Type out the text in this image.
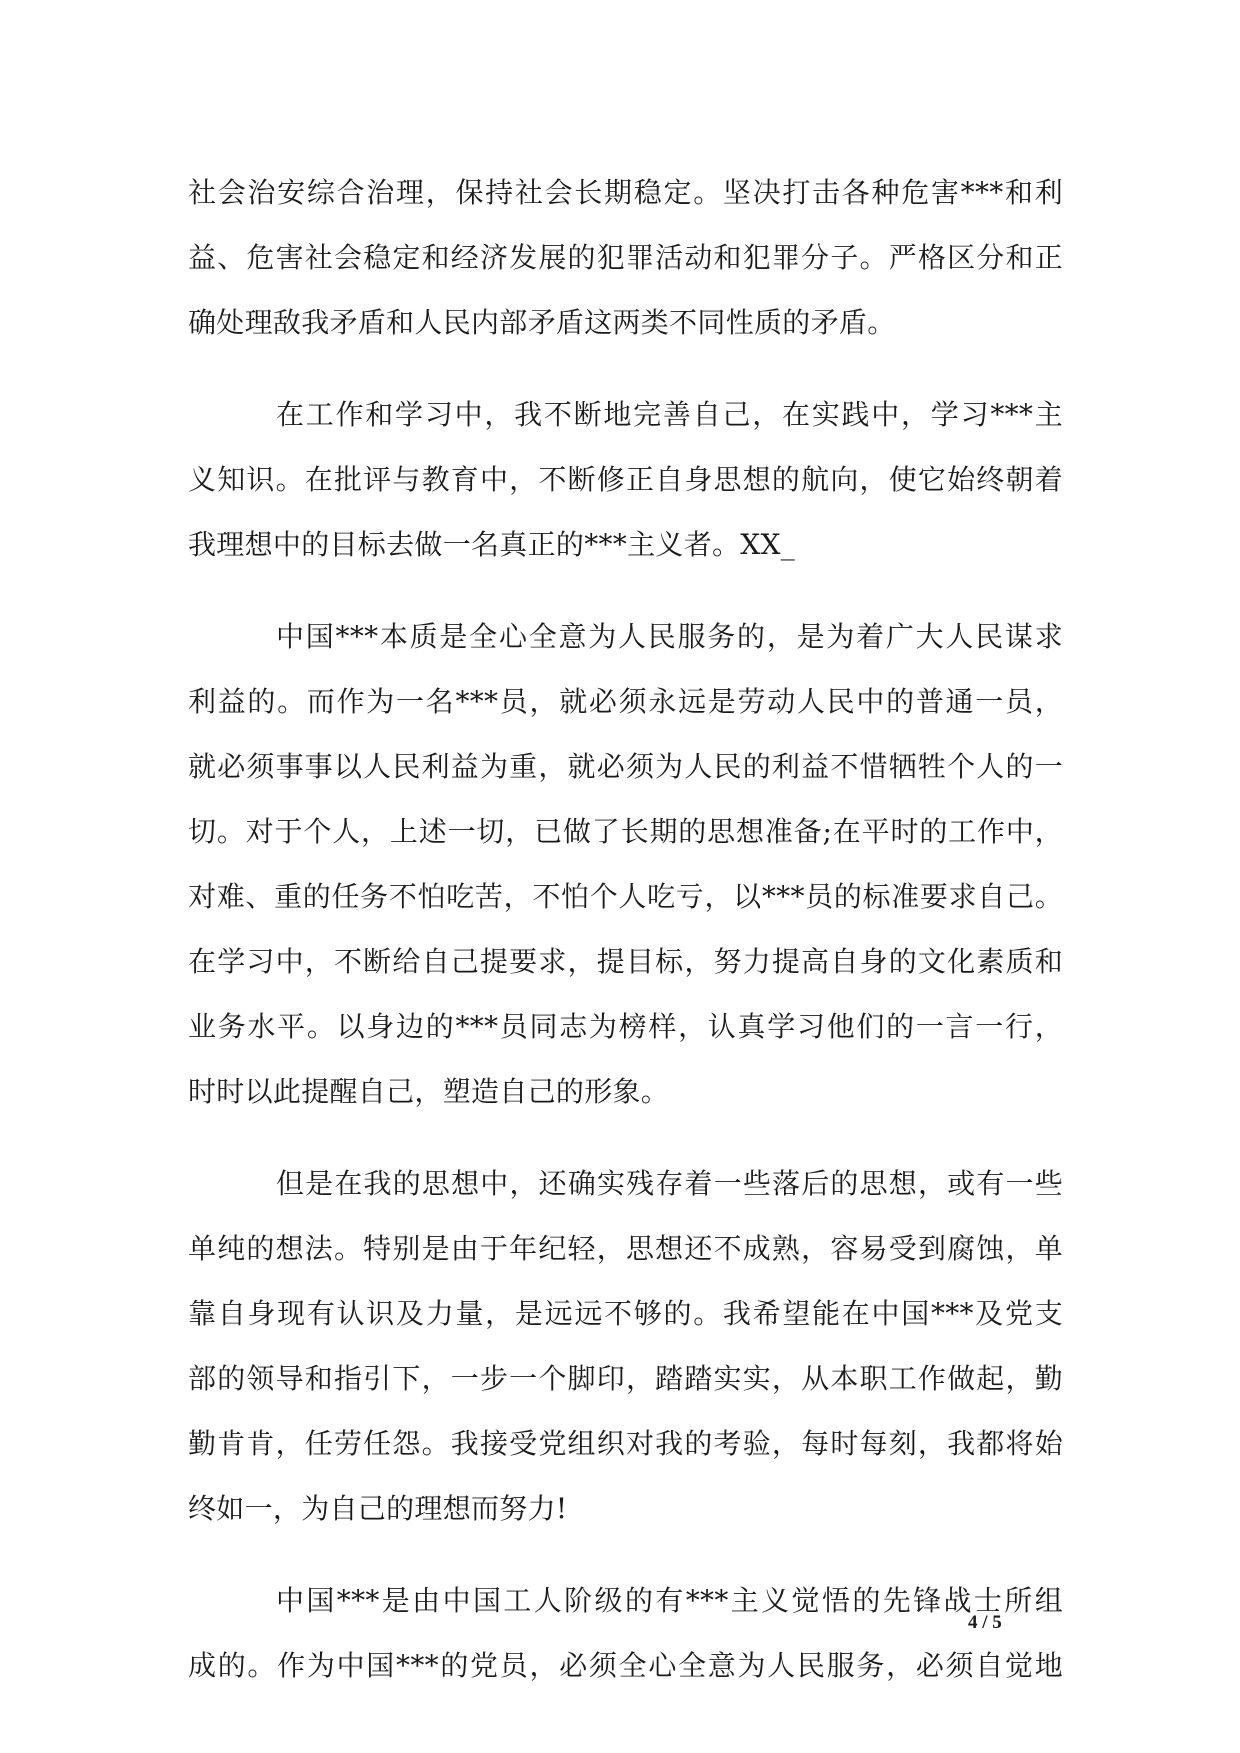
社会治安综合治理，保持社会长期稳定。坚决打击各种危害***和利
益、危害社会稳定和经济发展的犯罪活动和犯罪分子。严格区分和正
确处理敌我矛盾和人民内部矛盾这两类不同性质的矛盾。
在工作和学习中，我不断地完善自己，在实践中，学习***主
义知识。在批评与教育中，不断修正自身思想的航向，使它始终朝着
我理想中的目标去做一名真正的***主义者。XX_
中国***本质是全心全意为人民服务的，是为着广大人民谋求
利益的。而作为一名***员，就必须永远是劳动人民中的普通一员，
就必须事事以人民利益为重，就必须为人民的利益不惜牺牲个人的一
切。对于个人，上述一切，已做了长期的思想准备;在平时的工作中，
对难、重的任务不怕吃苦，不怕个人吃亏，以***员的标准要求自己。
在学习中，不断给自己提要求，提目标，努力提高自身的文化素质和
业务水平。以身边的***员同志为榜样，认真学习他们的一言一行，
时时以此提醒自己，塑造自己的形象。
但是在我的思想中，还确实残存着一些落后的思想，或有一些
单纯的想法。特别是由于年纪轻，思想还不成熟，容易受到腐蚀，单
靠自身现有认识及力量，是远远不够的。我希望能在中国***及党支
部的领导和指引下，一步一个脚印，踏踏实实，从本职工作做起，勤
勤肯肯，任劳任怨。我接受党组织对我的考验，每时每刻，我都将始
终如一，为自己的理想而努力!
中国***是由中国工人阶级的有***主义觉悟的先锋战士所组
成的。作为中国***的党员，必须全心全意为人民服务，必须自觉地
4 / 5
